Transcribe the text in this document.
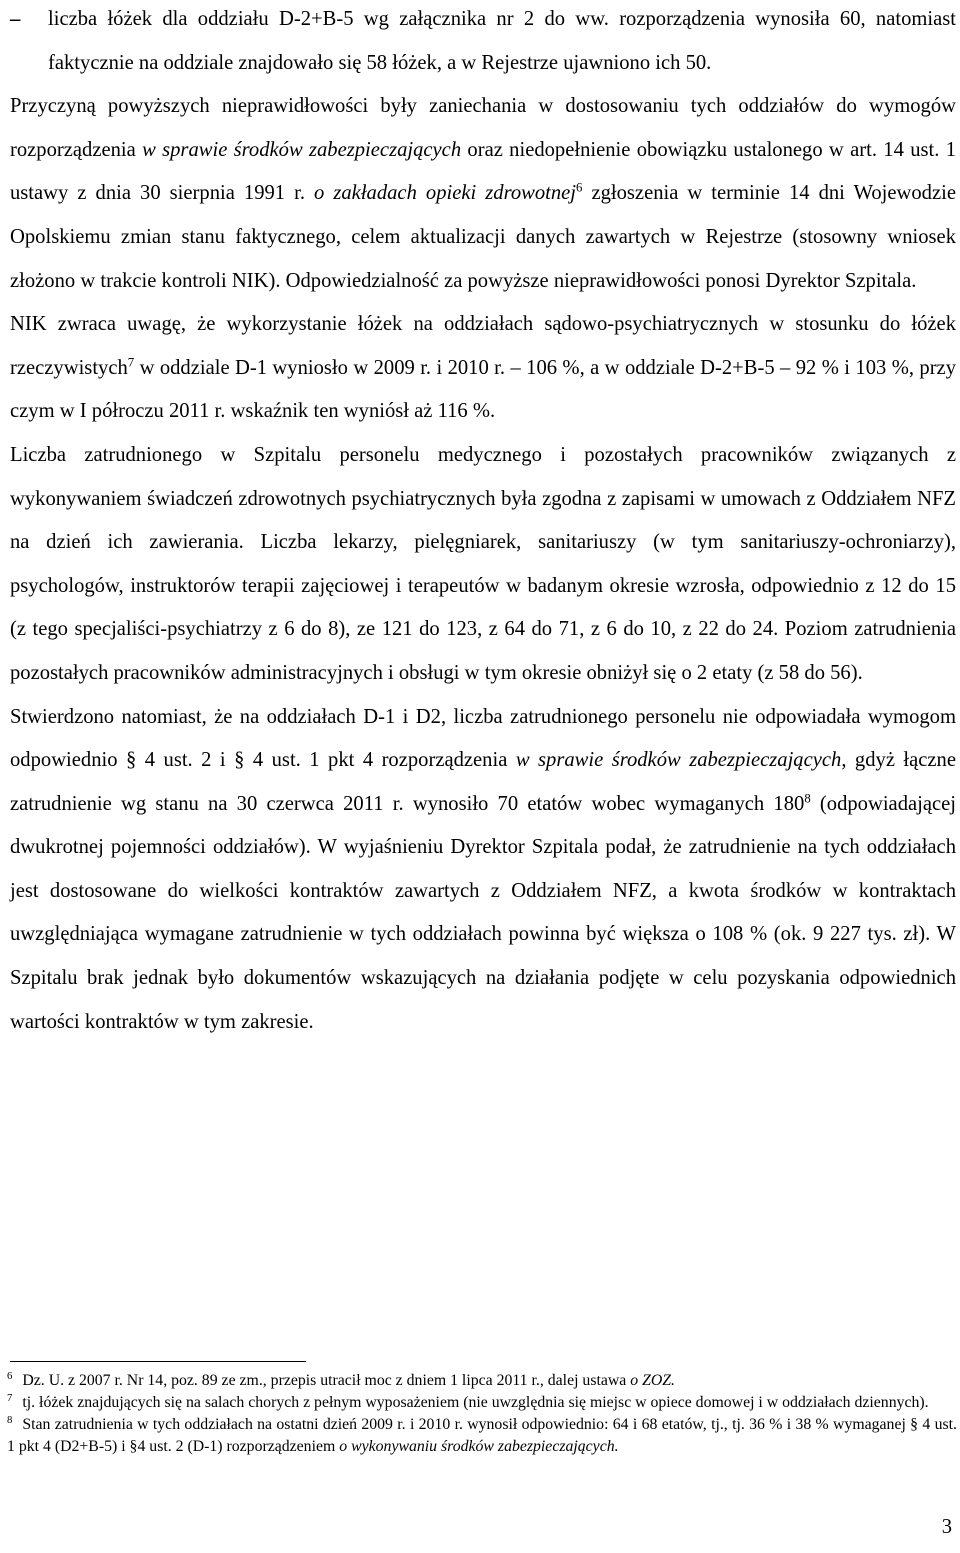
– liczba łóżek dla oddziału D-2+B-5 wg załącznika nr 2 do ww. rozporządzenia wynosiła 60, natomiast faktycznie na oddziale znajdowało się 58 łóżek, a w Rejestrze ujawniono ich 50.

Przyczyną powyższych nieprawidłowości były zaniechania w dostosowaniu tych oddziałów do wymogów rozporządzenia w sprawie środków zabezpieczających oraz niedopełnienie obowiązku ustalonego w art. 14 ust. 1 ustawy z dnia 30 sierpnia 1991 r. o zakładach opieki zdrowotnej$^6$ zgłoszenia w terminie 14 dni Wojewodzie Opolskiemu zmian stanu faktycznego, celem aktualizacji danych zawartych w Rejestrze (stosowny wniosek złożono w trakcie kontroli NIK). Odpowiedzialność za powyższe nieprawidłowości ponosi Dyrektor Szpitala.

NIK zwraca uwagę, że wykorzystanie łóżek na oddziałach sądowo-psychiatrycznych w stosunku do łóżek rzeczywistych$^7$ w oddziale D-1 wyniosło w 2009 r. i 2010 r. – 106 %, a w oddziale D-2+B-5 – 92 % i 103 %, przy czym w I półroczu 2011 r. wskaźnik ten wyniósł aż 116 %.

Liczba zatrudnionego w Szpitalu personelu medycznego i pozostałych pracowników związanych z wykonywaniem świadczeń zdrowotnych psychiatrycznych była zgodna z zapisami w umowach z Oddziałem NFZ na dzień ich zawierania. Liczba lekarzy, pielęgniarek, sanitariuszy (w tym sanitariuszy-ochroniarzy), psychologów, instruktorów terapii zajęciowej i terapeutów w badanym okresie wzrosła, odpowiednio z 12 do 15 (z tego specjaliści-psychiatrzy z 6 do 8), ze 121 do 123, z 64 do 71, z 6 do 10, z 22 do 24. Poziom zatrudnienia pozostałych pracowników administracyjnych i obsługi w tym okresie obniżył się o 2 etaty (z 58 do 56).

Stwierdzono natomiast, że na oddziałach D-1 i D2, liczba zatrudnionego personelu nie odpowiadała wymogom odpowiednio § 4 ust. 2 i § 4 ust. 1 pkt 4 rozporządzenia w sprawie środków zabezpieczających, gdyż łączne zatrudnienie wg stanu na 30 czerwca 2011 r. wynosiło 70 etatów wobec wymaganych $180^8$ (odpowiadającej dwukrotnej pojemności oddziałów). W wyjaśnieniu Dyrektor Szpitala podał, że zatrudnienie na tych oddziałach jest dostosowane do wielkości kontraktów zawartych z Oddziałem NFZ, a kwota środków w kontraktach uwzględniająca wymagane zatrudnienie w tych oddziałach powinna być większa o 108 % (ok. 9 227 tys. zł). W Szpitalu brak jednak było dokumentów wskazujących na działania podjęte w celu pozyskania odpowiednich wartości kontraktów w tym zakresie.

$^6$ Dz. U. z 2007 r. Nr 14, poz. 89 ze zm., przepis utracił moc z dniem 1 lipca 2011 r., dalej ustawa o ZOZ.

$^7$ tj. łóżek znajdujących się na salach chorych z pełnym wyposażeniem (nie uwzględnia się miejsc w opiece domowej i w oddziałach dziennych).

$^8$ Stan zatrudnienia w tych oddziałach na ostatni dzień 2009 r. i 2010 r. wynosił odpowiednio: 64 i 68 etatów, tj., tj. 36 % i 38 % wymaganej § 4 ust. 1 pkt 4 (D2+B-5) i §4 ust. 2 (D-1) rozporządzeniem o wykonywaniu środków zabezpieczających.

3
